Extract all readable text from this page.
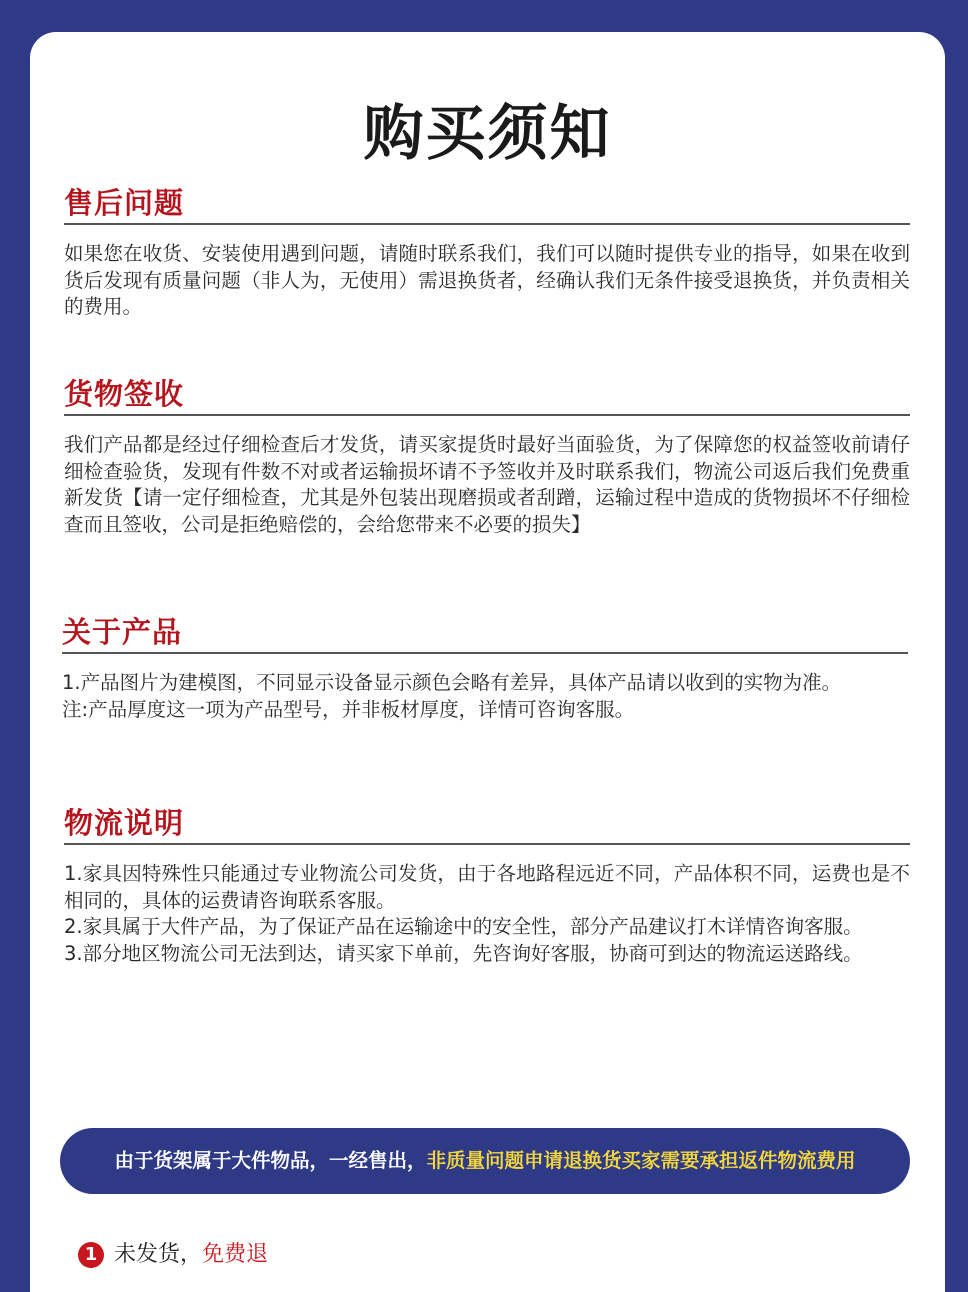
购买须知
售后问题

如果您在收货、安装使用遇到问题，请随时联系我们，我们可以随时提供专业的指导，如果在收到货后发现有质量问题（非人为，无使用）需退换货者，经确认我们无条件接受退换货，并负责相关的费用。

货物签收

我们产品都是经过仔细检查后才发货，请买家提货时最好当面验货，为了保障您的权益签收前请仔细检查验货，发现有件数不对或者运输损坏请不予签收并及时联系我们，物流公司返后我们免费重新发货【请一定仔细检查，尤其是外包装出现磨损或者刮蹭，运输过程中造成的货物损坏不仔细检查而且签收，公司是拒绝赔偿的，会给您带来不必要的损失】

关于产品

1.产品图片为建模图，不同显示设备显示颜色会略有差异，具体产品请以收到的实物为准。

注:产品厚度这一项为产品型号，并非板材厚度，详情可咨询客服。

物流说明

1.家具因特殊性只能通过专业物流公司发货，由于各地路程远近不同，产品体积不同，运费也是不相同的，具体的运费请咨询联系客服。

2.家具属于大件产品，为了保证产品在运输途中的安全性，部分产品建议打木详情咨询客服。

3.部分地区物流公司无法到达，请买家下单前，先咨询好客服，协商可到达的物流运送路线。

由于货架属于大件物品，一经售出，非质量问题申请退换货买家需要承担返件物流费用
1 未发货，免费退
